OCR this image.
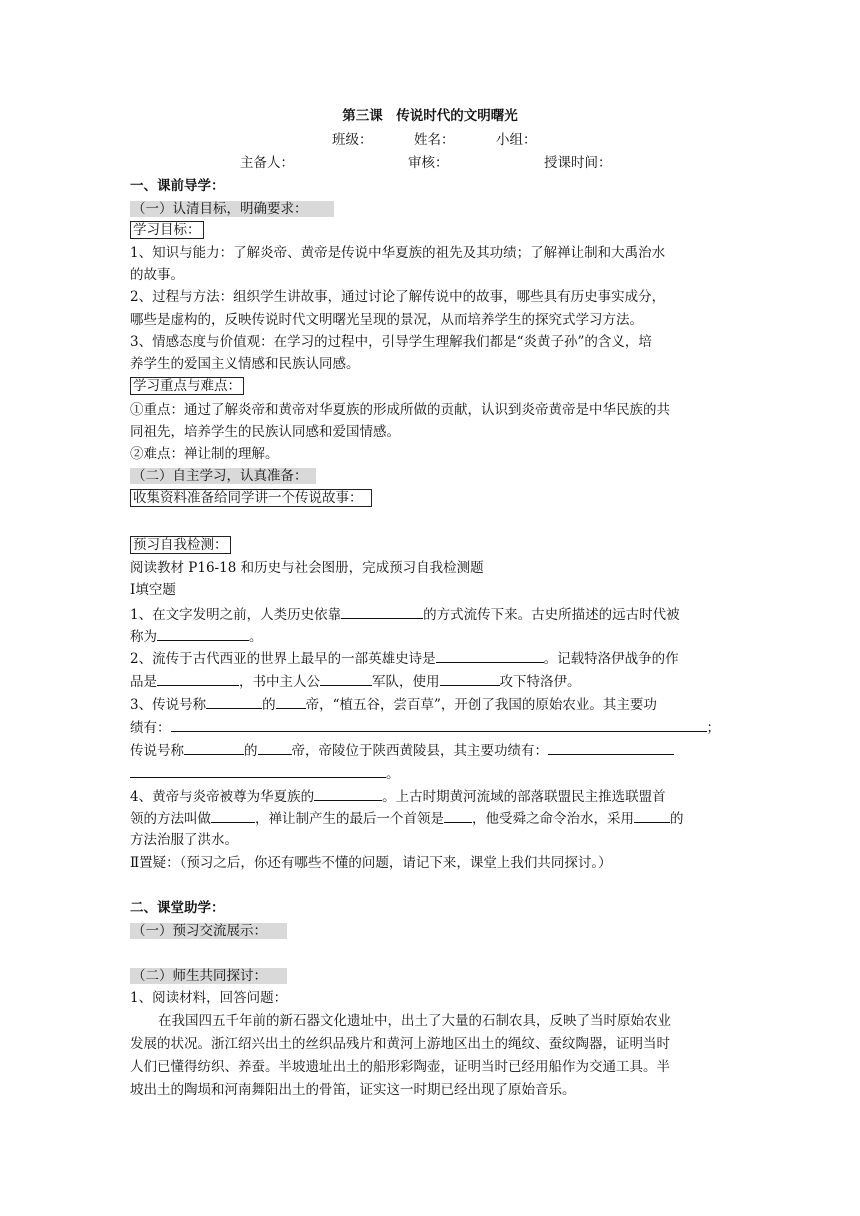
第三课　传说时代的文明曙光
班级：	姓名：	小组：
主备人：	审核：	授课时间：
一、课前导学：
（一）认清目标，明确要求：
学习目标：
1、知识与能力：了解炎帝、黄帝是传说中华夏族的祖先及其功绩；了解禅让制和大禹治水
的故事。
2、过程与方法：组织学生讲故事，通过讨论了解传说中的故事，哪些具有历史事实成分，
哪些是虚构的，反映传说时代文明曙光呈现的景况，从而培养学生的探究式学习方法。
3、情感态度与价值观：在学习的过程中，引导学生理解我们都是“炎黄子孙”的含义，培
养学生的爱国主义情感和民族认同感。
学习重点与难点：
①重点：通过了解炎帝和黄帝对华夏族的形成所做的贡献，认识到炎帝黄帝是中华民族的共
同祖先，培养学生的民族认同感和爱国情感。
②难点：禅让制的理解。
（二）自主学习，认真准备：
收集资料准备给同学讲一个传说故事：
预习自我检测：
阅读教材 P16-18 和历史与社会图册，完成预习自我检测题
Ⅰ填空题
1、在文字发明之前，人类历史依靠	的方式流传下来。古史所描述的远古时代被
称为	。
2、流传于古代西亚的世界上最早的一部英雄史诗是	。记载特洛伊战争的作
品是	，书中主人公	军队，使用	攻下特洛伊。
3、传说号称	的 帝，“植五谷，尝百草”，开创了我国的原始农业。其主要功
绩有：	；
传说号称	的	帝，帝陵位于陕西黄陵县，其主要功绩有：
。
4、黄帝与炎帝被尊为华夏族的	。上古时期黄河流域的部落联盟民主推选联盟首
领的方法叫做	，禅让制产生的最后一个首领是 ，他受舜之命令治水，采用	的
方法治服了洪水。
Ⅱ置疑：（预习之后，你还有哪些不懂的问题，请记下来，课堂上我们共同探讨。）
二、课堂助学：
（一）预习交流展示：
（二）师生共同探讨：
1、阅读材料，回答问题：
在我国四五千年前的新石器文化遗址中，出土了大量的石制农具，反映了当时原始农业
发展的状况。浙江绍兴出土的丝织品残片和黄河上游地区出土的绳纹、蚕纹陶器，证明当时
人们已懂得纺织、养蚕。半坡遗址出土的船形彩陶壶，证明当时已经用船作为交通工具。半
坡出土的陶埙和河南舞阳出土的骨笛，证实这一时期已经出现了原始音乐。
